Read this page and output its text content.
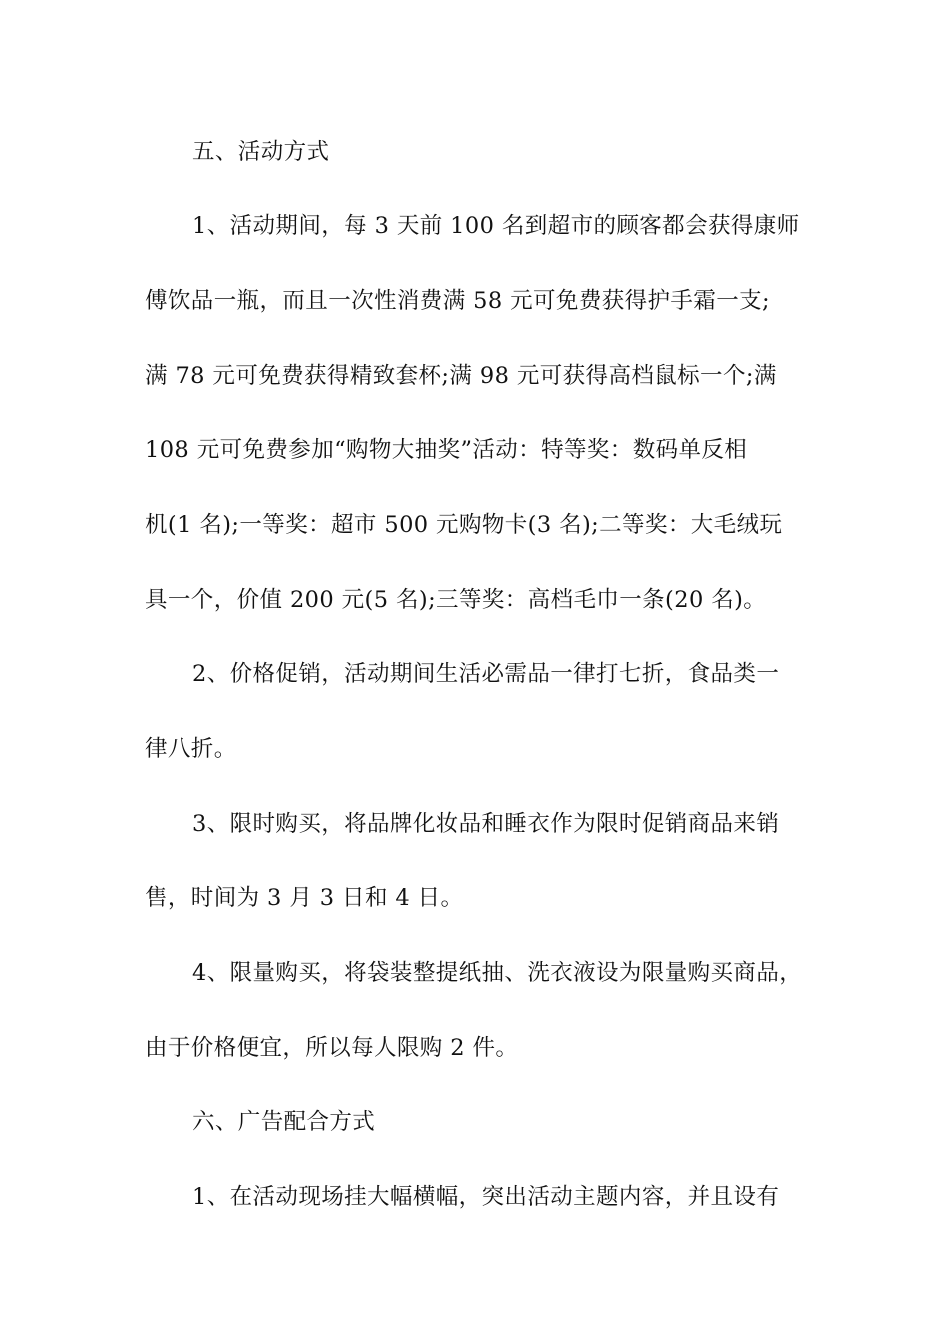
五、活动方式
1、活动期间，每 3 天前 100 名到超市的顾客都会获得康师
傅饮品一瓶，而且一次性消费满 58 元可免费获得护手霜一支;
满 78 元可免费获得精致套杯;满 98 元可获得高档鼠标一个;满
108 元可免费参加“购物大抽奖”活动：特等奖：数码单反相
机(1 名);一等奖：超市 500 元购物卡(3 名);二等奖：大毛绒玩
具一个，价值 200 元(5 名);三等奖：高档毛巾一条(20 名)。
2、价格促销，活动期间生活必需品一律打七折，食品类一
律八折。
3、限时购买，将品牌化妆品和睡衣作为限时促销商品来销
售，时间为 3 月 3 日和 4 日。
4、限量购买，将袋装整提纸抽、洗衣液设为限量购买商品，
由于价格便宜，所以每人限购 2 件。
六、广告配合方式
1、在活动现场挂大幅横幅，突出活动主题内容，并且设有
